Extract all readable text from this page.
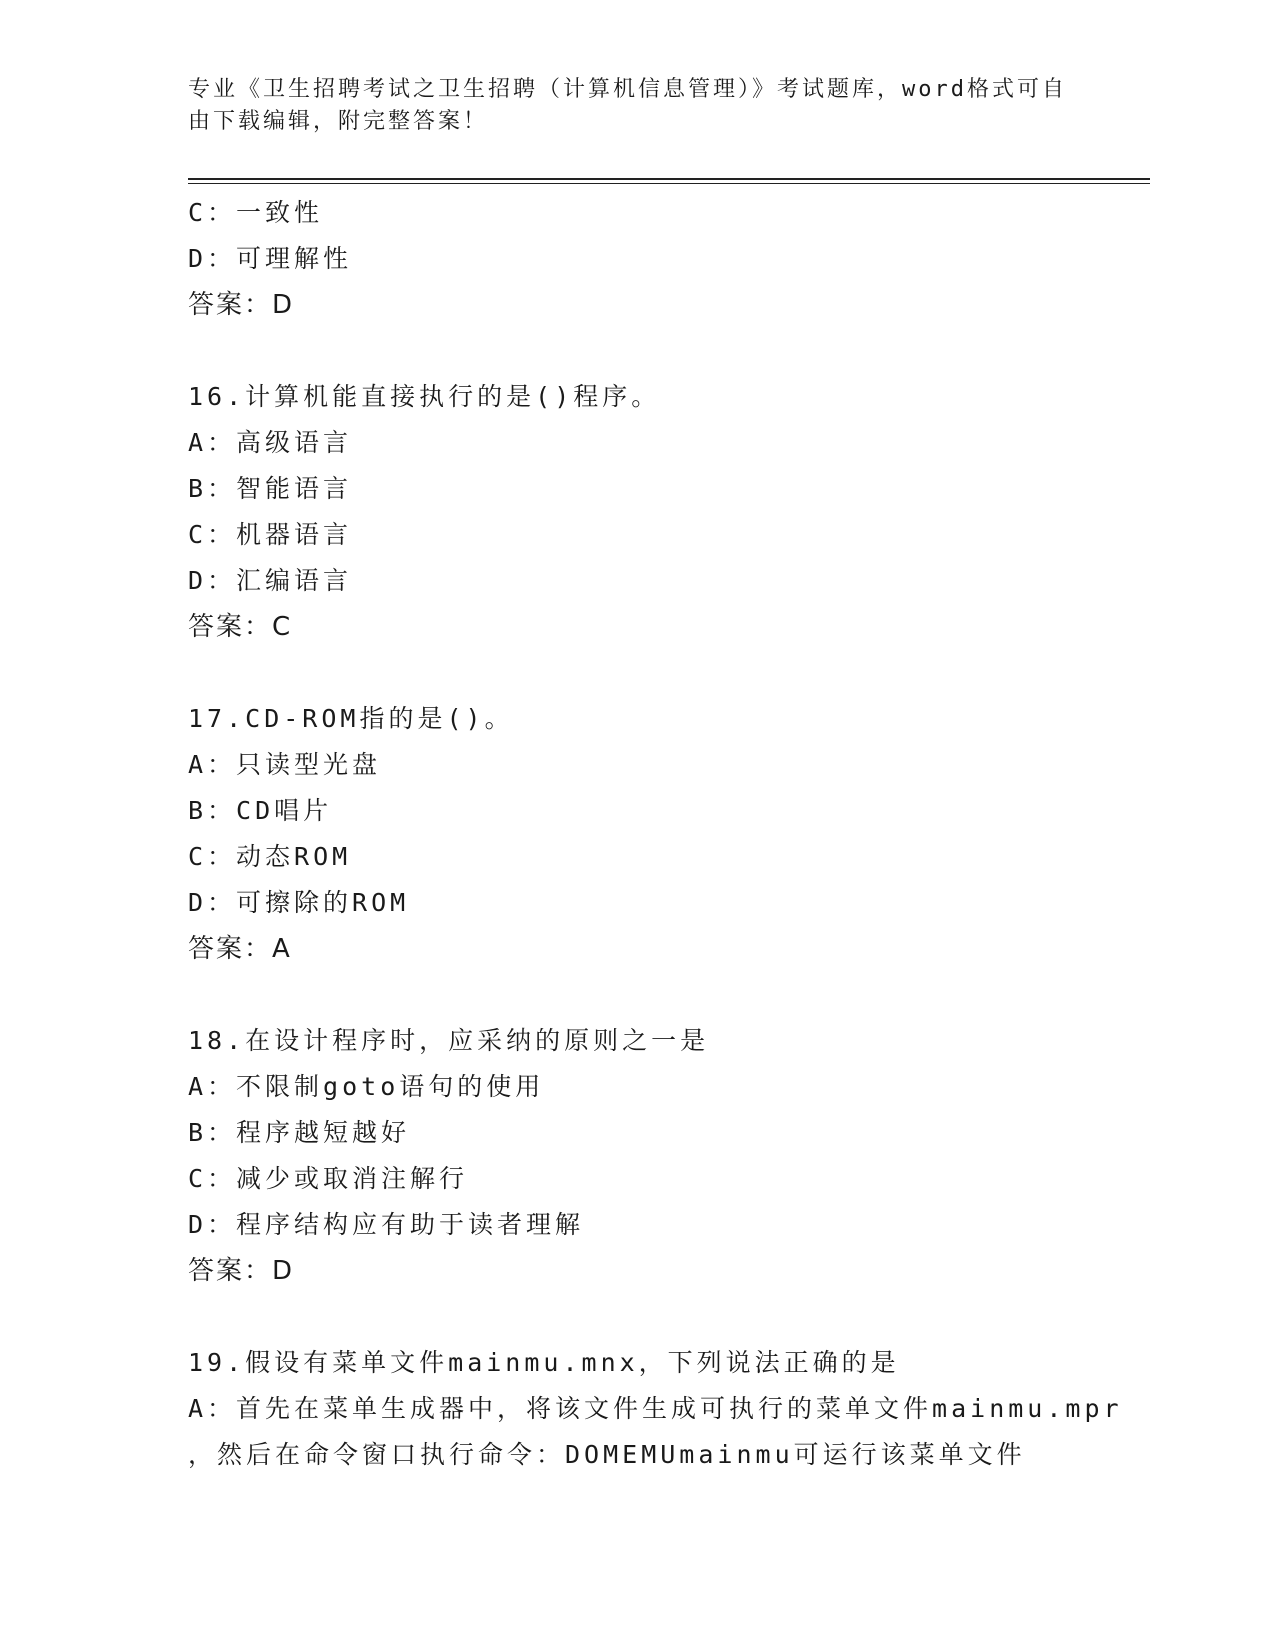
专业《卫生招聘考试之卫生招聘（计算机信息管理）》考试题库，word格式可自
由下载编辑，附完整答案！
C：一致性
D：可理解性
答案：D
16.计算机能直接执行的是()程序。
A：高级语言
B：智能语言
C：机器语言
D：汇编语言
答案：C
17.CD-ROM指的是()。
A：只读型光盘
B：CD唱片
C：动态ROM
D：可擦除的ROM
答案：A
18.在设计程序时，应采纳的原则之一是
A：不限制goto语句的使用
B：程序越短越好
C：减少或取消注解行
D：程序结构应有助于读者理解
答案：D
19.假设有菜单文件mainmu.mnx，下列说法正确的是
A：首先在菜单生成器中，将该文件生成可执行的菜单文件mainmu.mpr
，然后在命令窗口执行命令：DOMEMUmainmu可运行该菜单文件
